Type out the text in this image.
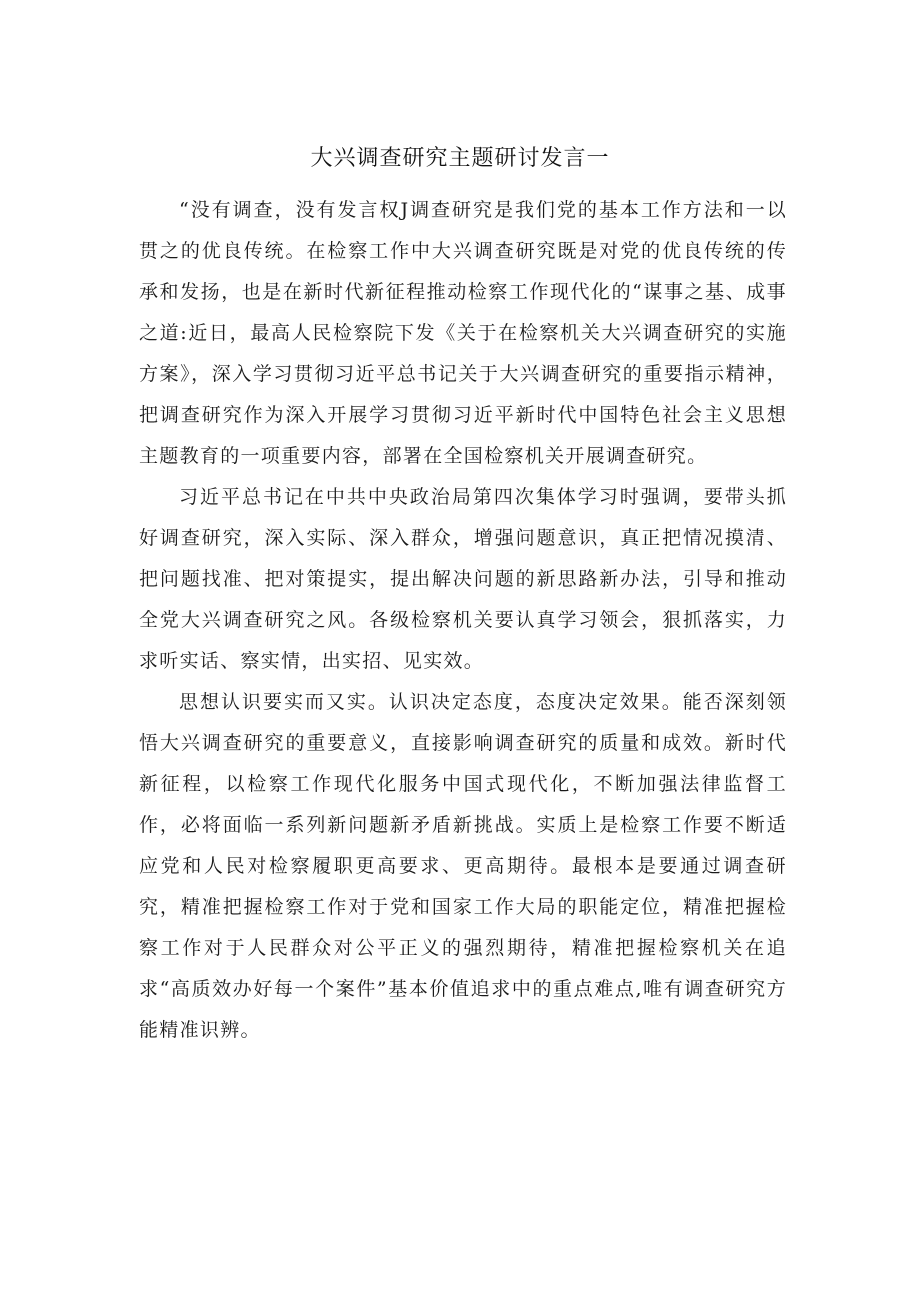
大兴调查研究主题研讨发言一

“没有调查，没有发言权J调查研究是我们党的基本工作方法和一以贯之的优良传统。在检察工作中大兴调查研究既是对党的优良传统的传承和发扬，也是在新时代新征程推动检察工作现代化的“谋事之基、成事之道:近日，最高人民检察院下发《关于在检察机关大兴调查研究的实施方案》，深入学习贯彻习近平总书记关于大兴调查研究的重要指示精神，把调查研究作为深入开展学习贯彻习近平新时代中国特色社会主义思想主题教育的一项重要内容，部署在全国检察机关开展调查研究。

习近平总书记在中共中央政治局第四次集体学习时强调，要带头抓好调查研究，深入实际、深入群众，增强问题意识，真正把情况摸清、把问题找准、把对策提实，提出解决问题的新思路新办法，引导和推动全党大兴调查研究之风。各级检察机关要认真学习领会，狠抓落实，力求听实话、察实情，出实招、见实效。

思想认识要实而又实。认识决定态度，态度决定效果。能否深刻领悟大兴调查研究的重要意义，直接影响调查研究的质量和成效。新时代新征程，以检察工作现代化服务中国式现代化，不断加强法律监督工作，必将面临一系列新问题新矛盾新挑战。实质上是检察工作要不断适应党和人民对检察履职更高要求、更高期待。最根本是要通过调查研究，精准把握检察工作对于党和国家工作大局的职能定位，精准把握检察工作对于人民群众对公平正义的强烈期待，精准把握检察机关在追求“高质效办好每一个案件”基本价值追求中的重点难点,唯有调查研究方能精准识辨。
